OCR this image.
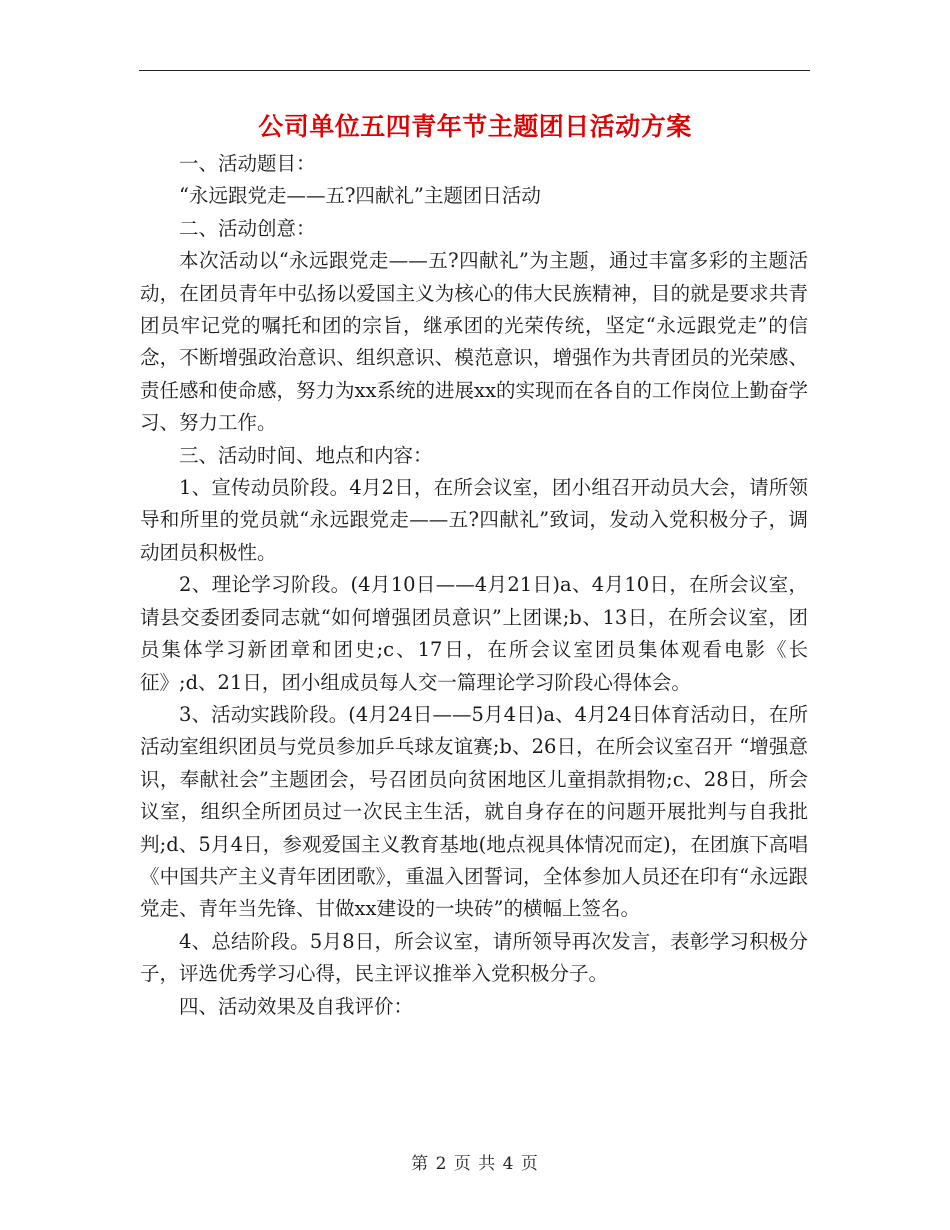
公司单位五四青年节主题团日活动方案

一、活动题目：

“永远跟党走——五?四献礼”主题团日活动

二、活动创意：

本次活动以“永远跟党走——五?四献礼”为主题，通过丰富多彩的主题活动，在团员青年中弘扬以爱国主义为核心的伟大民族精神，目的就是要求共青团员牢记党的嘱托和团的宗旨，继承团的光荣传统，坚定“永远跟党走”的信念，不断增强政治意识、组织意识、模范意识，增强作为共青团员的光荣感、责任感和使命感，努力为xx系统的进展xx的实现而在各自的工作岗位上勤奋学习、努力工作。

三、活动时间、地点和内容：

1、宣传动员阶段。4月2日，在所会议室，团小组召开动员大会，请所领导和所里的党员就“永远跟党走——五?四献礼”致词，发动入党积极分子，调动团员积极性。

2、理论学习阶段。(4月10日——4月21日)a、4月10日，在所会议室，请县交委团委同志就“如何增强团员意识”上团课;b、13日，在所会议室，团员集体学习新团章和团史;c、17日，在所会议室团员集体观看电影《长征》;d、21日，团小组成员每人交一篇理论学习阶段心得体会。

3、活动实践阶段。(4月24日——5月4日)a、4月24日体育活动日，在所活动室组织团员与党员参加乒乓球友谊赛;b、26日，在所会议室召开 “增强意识，奉献社会”主题团会，号召团员向贫困地区儿童捐款捐物;c、28日，所会议室，组织全所团员过一次民主生活，就自身存在的问题开展批判与自我批判;d、5月4日，参观爱国主义教育基地(地点视具体情况而定)，在团旗下高唱《中国共产主义青年团团歌》，重温入团誓词，全体参加人员还在印有“永远跟党走、青年当先锋、甘做xx建设的一块砖”的横幅上签名。

4、总结阶段。5月8日，所会议室，请所领导再次发言，表彰学习积极分子，评选优秀学习心得，民主评议推举入党积极分子。

四、活动效果及自我评价：

第 2 页 共 4 页
